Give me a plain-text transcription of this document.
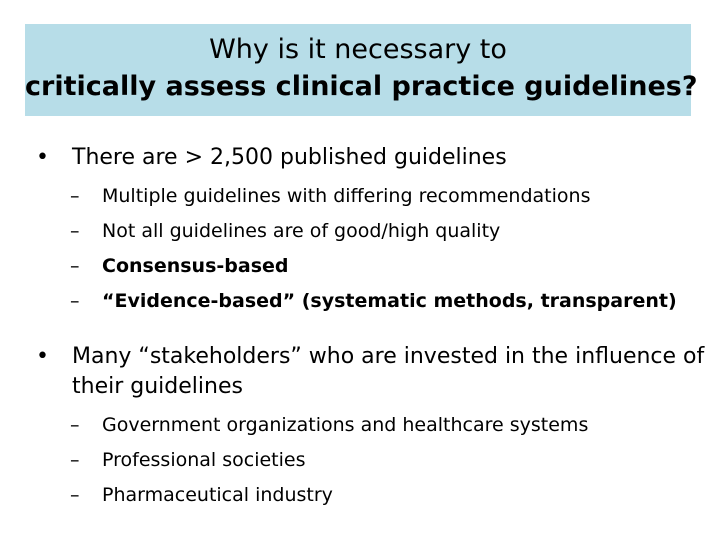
Why is it necessary to
critically assess clinical practice guidelines?
•	There are > 2,500 published guidelines
–	Multiple guidelines with differing recommendations
–	Not all guidelines are of good/high quality
–	Consensus-based
–	“Evidence-based” (systematic methods, transparent)
•	Many “stakeholders” who are invested in the influence of their guidelines
–	Government organizations and healthcare systems
–	Professional societies
–	Pharmaceutical industry
